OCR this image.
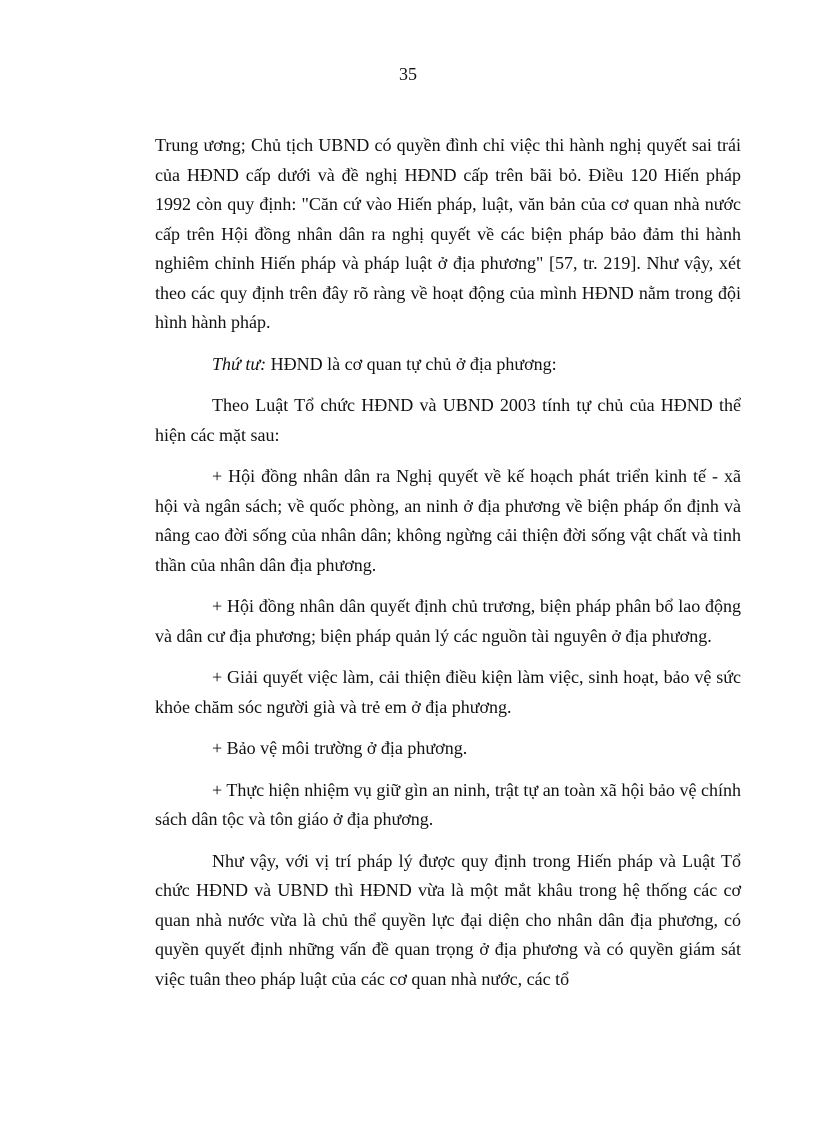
35

Trung ương; Chủ tịch UBND có quyền đình chỉ việc thi hành nghị quyết sai trái của HĐND cấp dưới và đề nghị HĐND cấp trên bãi bỏ. Điều 120 Hiến pháp 1992 còn quy định: "Căn cứ vào Hiến pháp, luật, văn bản của cơ quan nhà nước cấp trên Hội đồng nhân dân ra nghị quyết về các biện pháp bảo đảm thi hành nghiêm chỉnh Hiến pháp và pháp luật ở địa phương" [57, tr. 219]. Như vậy, xét theo các quy định trên đây rõ ràng về hoạt động của mình HĐND nằm trong đội hình hành pháp.

Thứ tư: HĐND là cơ quan tự chủ ở địa phương:

Theo Luật Tổ chức HĐND và UBND 2003 tính tự chủ của HĐND thể hiện các mặt sau:

+ Hội đồng nhân dân ra Nghị quyết về kế hoạch phát triển kinh tế - xã hội và ngân sách; về quốc phòng, an ninh ở địa phương về biện pháp ổn định và nâng cao đời sống của nhân dân; không ngừng cải thiện đời sống vật chất và tinh thần của nhân dân địa phương.

+ Hội đồng nhân dân quyết định chủ trương, biện pháp phân bổ lao động và dân cư địa phương; biện pháp quản lý các nguồn tài nguyên ở địa phương.

+ Giải quyết việc làm, cải thiện điều kiện làm việc, sinh hoạt, bảo vệ sức khỏe chăm sóc người già và trẻ em ở địa phương.

+ Bảo vệ môi trường ở địa phương.

+ Thực hiện nhiệm vụ giữ gìn an ninh, trật tự an toàn xã hội bảo vệ chính sách dân tộc và tôn giáo ở địa phương.

Như vậy, với vị trí pháp lý được quy định trong Hiến pháp và Luật Tổ chức HĐND và UBND thì HĐND vừa là một mắt khâu trong hệ thống các cơ quan nhà nước vừa là chủ thể quyền lực đại diện cho nhân dân địa phương, có quyền quyết định những vấn đề quan trọng ở địa phương và có quyền giám sát việc tuân theo pháp luật của các cơ quan nhà nước, các tổ
